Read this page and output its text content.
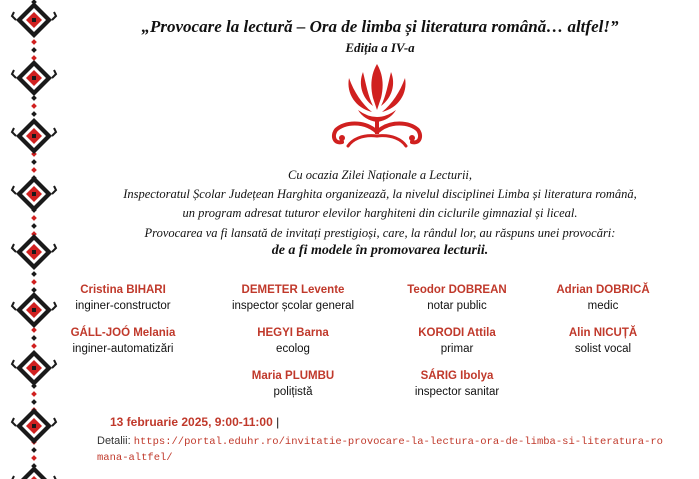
„Provocare la lectură – Ora de limba și literatura română… altfel!”
Ediția a IV-a
Cu ocazia Zilei Naționale a Lecturii,
Inspectoratul Școlar Județean Harghita organizează, la nivelul disciplinei Limba și literatura română,
un program adresat tuturor elevilor harghiteni din ciclurile gimnazial și liceal.
Provocarea va fi lansată de invitați prestigioși, care, la rândul lor, au răspuns unei provocări:
de a fi modele în promovarea lecturii.
Cristina BIHARI
inginer-constructor
DEMETER Levente
inspector școlar general
Teodor DOBREAN
notar public
Adrian DOBRICĂ
medic
GÁLL-JOÓ Melania
inginer-automatizări
HEGYI Barna
ecolog
KORODI Attila
primar
Alin NICUȚĂ
solist vocal
Maria PLUMBU
polițistă
SÁRIG Ibolya
inspector sanitar
13 februarie 2025, 9:00-11:00 |
Detalii: https://portal.eduhr.ro/invitatie-provocare-la-lectura-ora-de-limba-si-literatura-romana-altfel/
